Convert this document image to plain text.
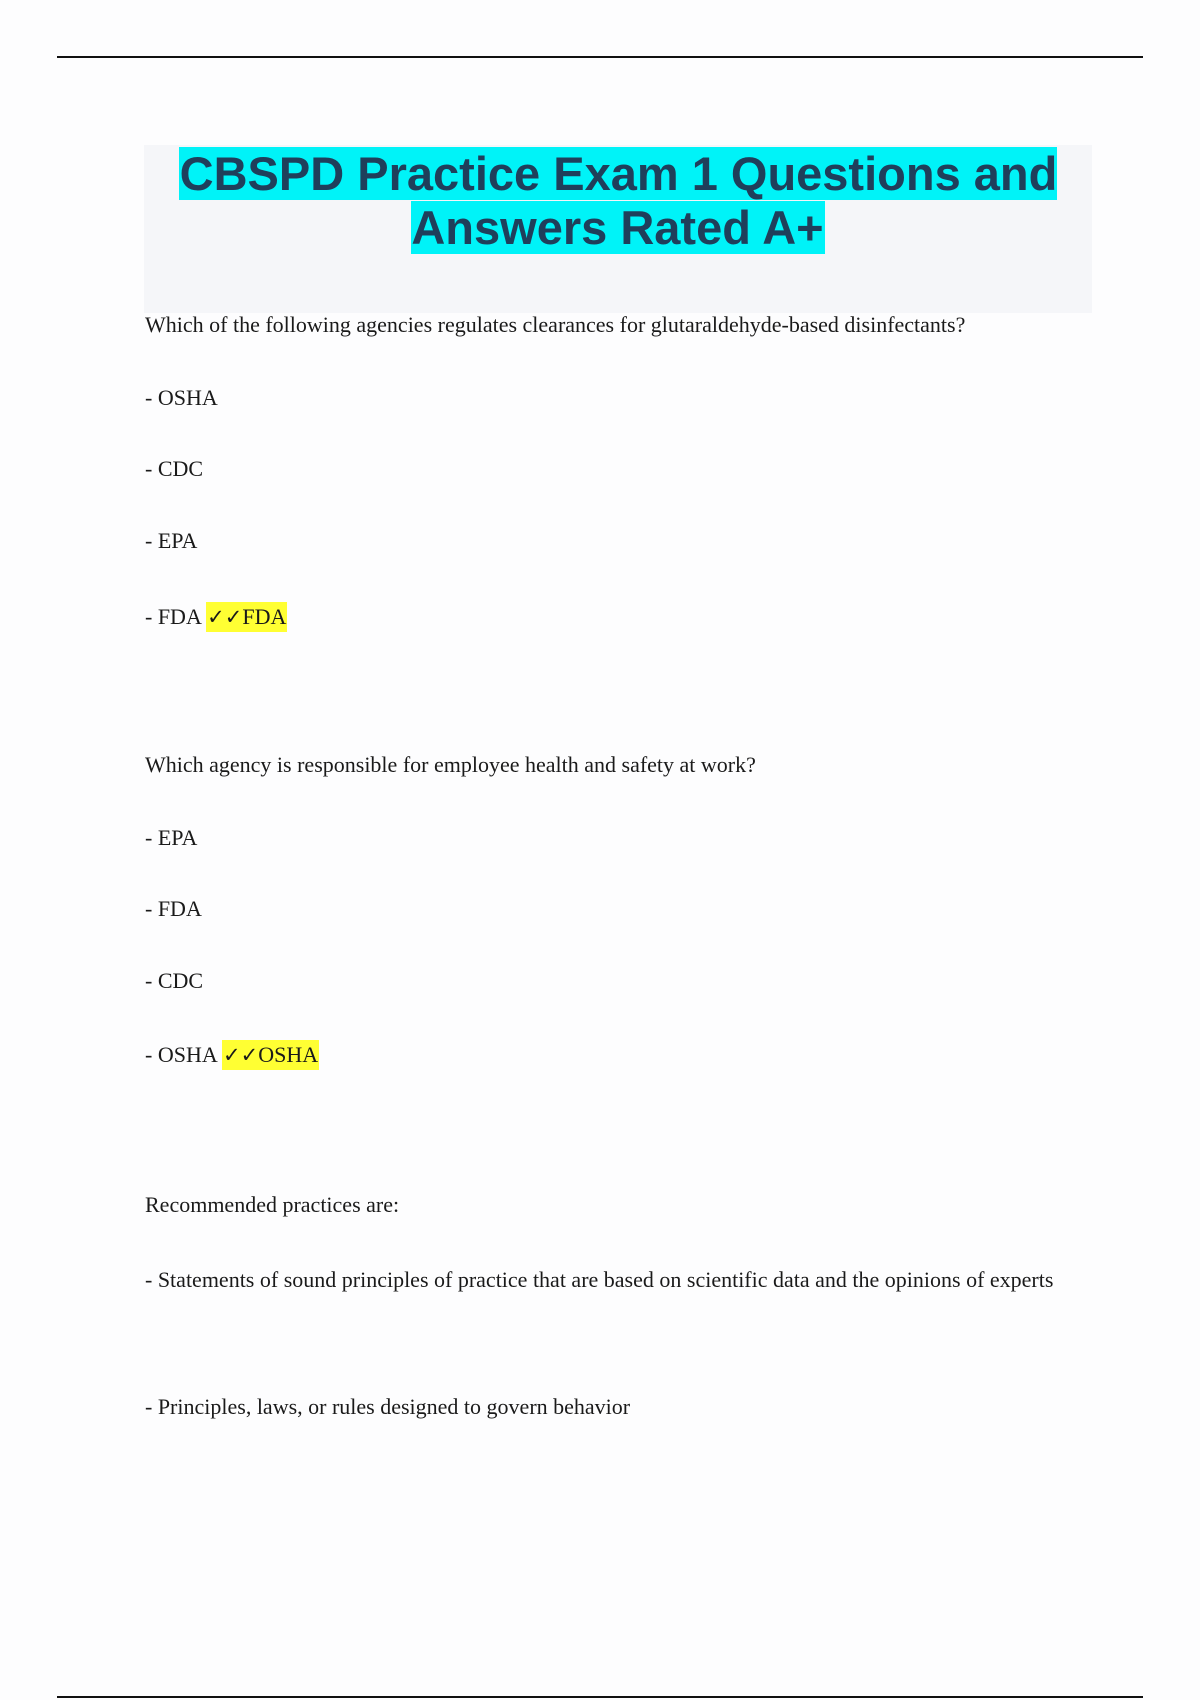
CBSPD Practice Exam 1 Questions and Answers Rated A+
Which of the following agencies regulates clearances for glutaraldehyde-based disinfectants?
- OSHA
- CDC
- EPA
- FDA ✓✓FDA
Which agency is responsible for employee health and safety at work?
- EPA
- FDA
- CDC
- OSHA ✓✓OSHA
Recommended practices are:
- Statements of sound principles of practice that are based on scientific data and the opinions of experts
- Principles, laws, or rules designed to govern behavior
